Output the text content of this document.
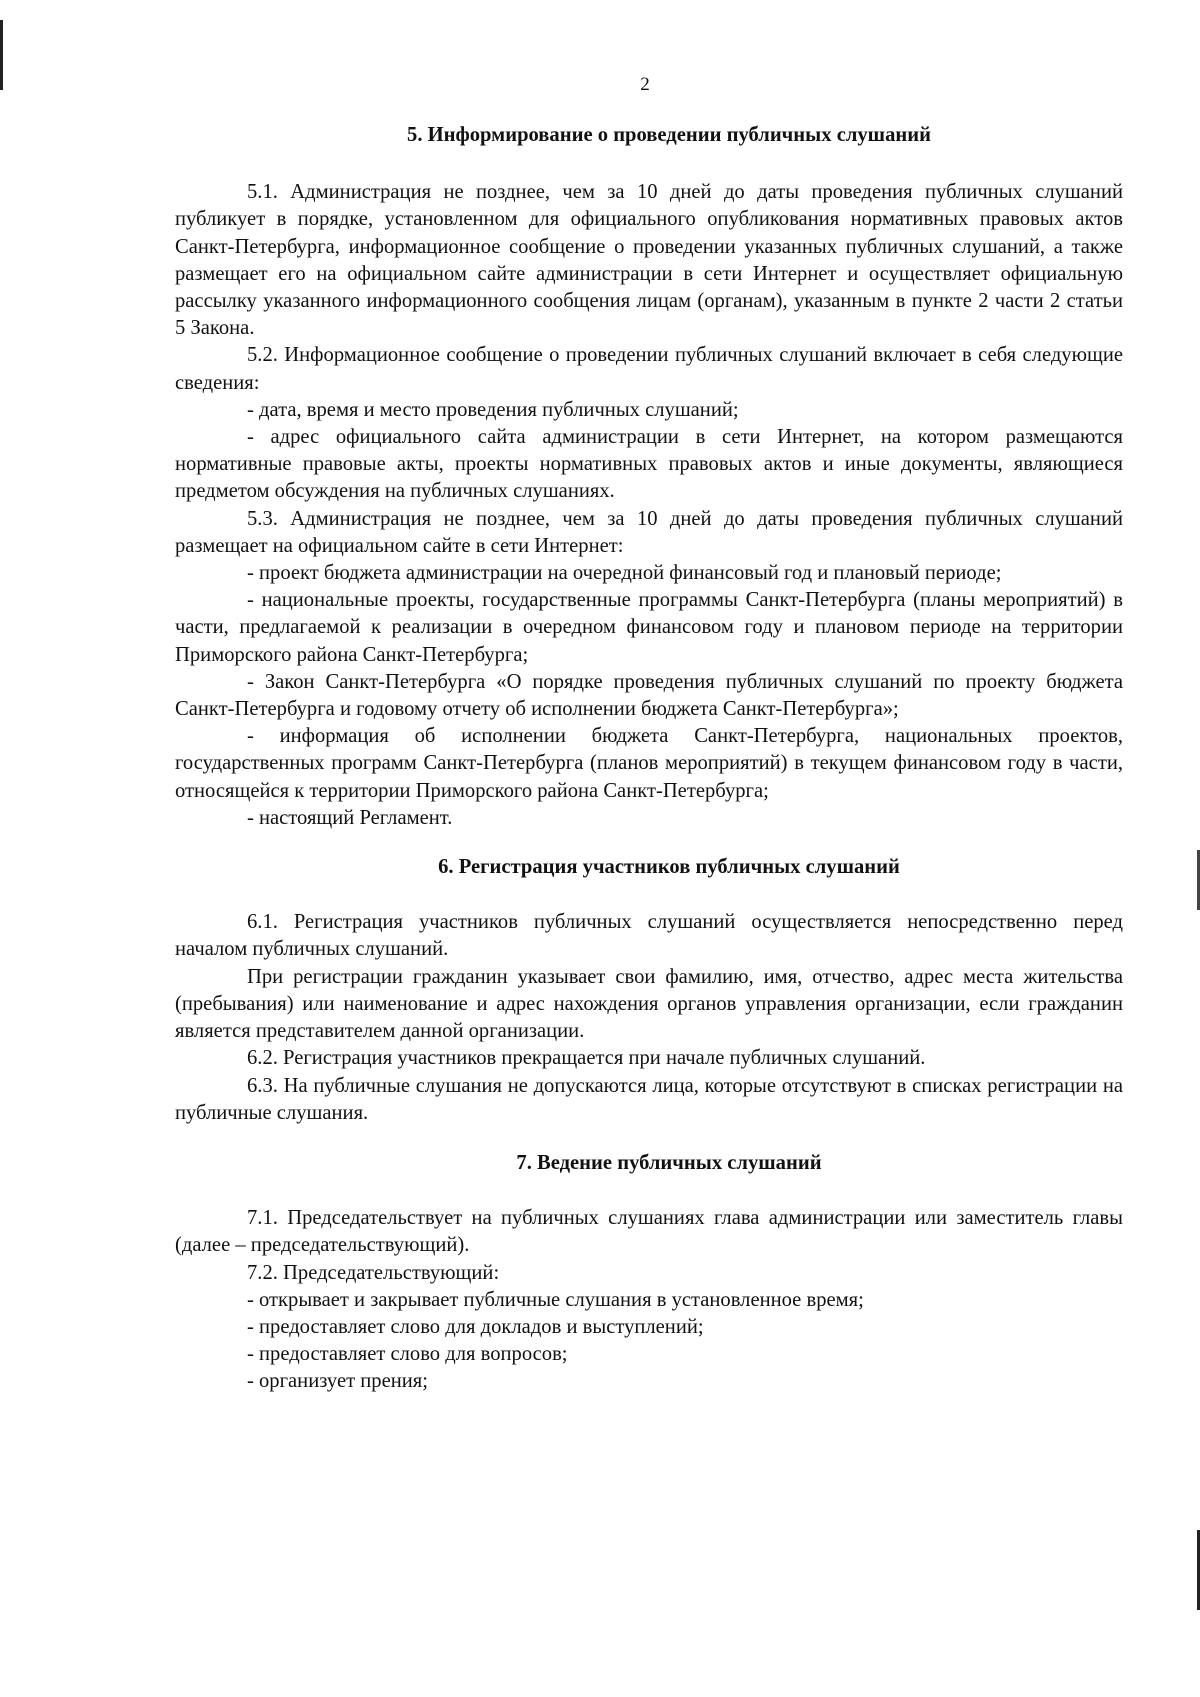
2
5. Информирование о проведении публичных слушаний

5.1. Администрация не позднее, чем за 10 дней до даты проведения публичных слушаний публикует в порядке, установленном для официального опубликования нормативных правовых актов Санкт-Петербурга, информационное сообщение о проведении указанных публичных слушаний, а также размещает его на официальном сайте администрации в сети Интернет и осуществляет официальную рассылку указанного информационного сообщения лицам (органам), указанным в пункте 2 части 2 статьи 5 Закона.

5.2. Информационное сообщение о проведении публичных слушаний включает в себя следующие сведения:

- дата, время и место проведения публичных слушаний;

- адрес официального сайта администрации в сети Интернет, на котором размещаются нормативные правовые акты, проекты нормативных правовых актов и иные документы, являющиеся предметом обсуждения на публичных слушаниях.

5.3. Администрация не позднее, чем за 10 дней до даты проведения публичных слушаний размещает на официальном сайте в сети Интернет:

- проект бюджета администрации на очередной финансовый год и плановый периоде;

- национальные проекты, государственные программы Санкт-Петербурга (планы мероприятий) в части, предлагаемой к реализации в очередном финансовом году и плановом периоде на территории Приморского района Санкт-Петербурга;

- Закон Санкт-Петербурга «О порядке проведения публичных слушаний по проекту бюджета Санкт-Петербурга и годовому отчету об исполнении бюджета Санкт-Петербурга»;

- информация об исполнении бюджета Санкт-Петербурга, национальных проектов, государственных программ Санкт-Петербурга (планов мероприятий) в текущем финансовом году в части, относящейся к территории Приморского района Санкт-Петербурга;

- настоящий Регламент.

6. Регистрация участников публичных слушаний

6.1. Регистрация участников публичных слушаний осуществляется непосредственно перед началом публичных слушаний.

При регистрации гражданин указывает свои фамилию, имя, отчество, адрес места жительства (пребывания) или наименование и адрес нахождения органов управления организации, если гражданин является представителем данной организации.

6.2. Регистрация участников прекращается при начале публичных слушаний.

6.3. На публичные слушания не допускаются лица, которые отсутствуют в списках регистрации на публичные слушания.

7. Ведение публичных слушаний

7.1. Председательствует на публичных слушаниях глава администрации или заместитель главы (далее – председательствующий).

7.2. Председательствующий:

- открывает и закрывает публичные слушания в установленное время;

- предоставляет слово для докладов и выступлений;

- предоставляет слово для вопросов;

- организует прения;
